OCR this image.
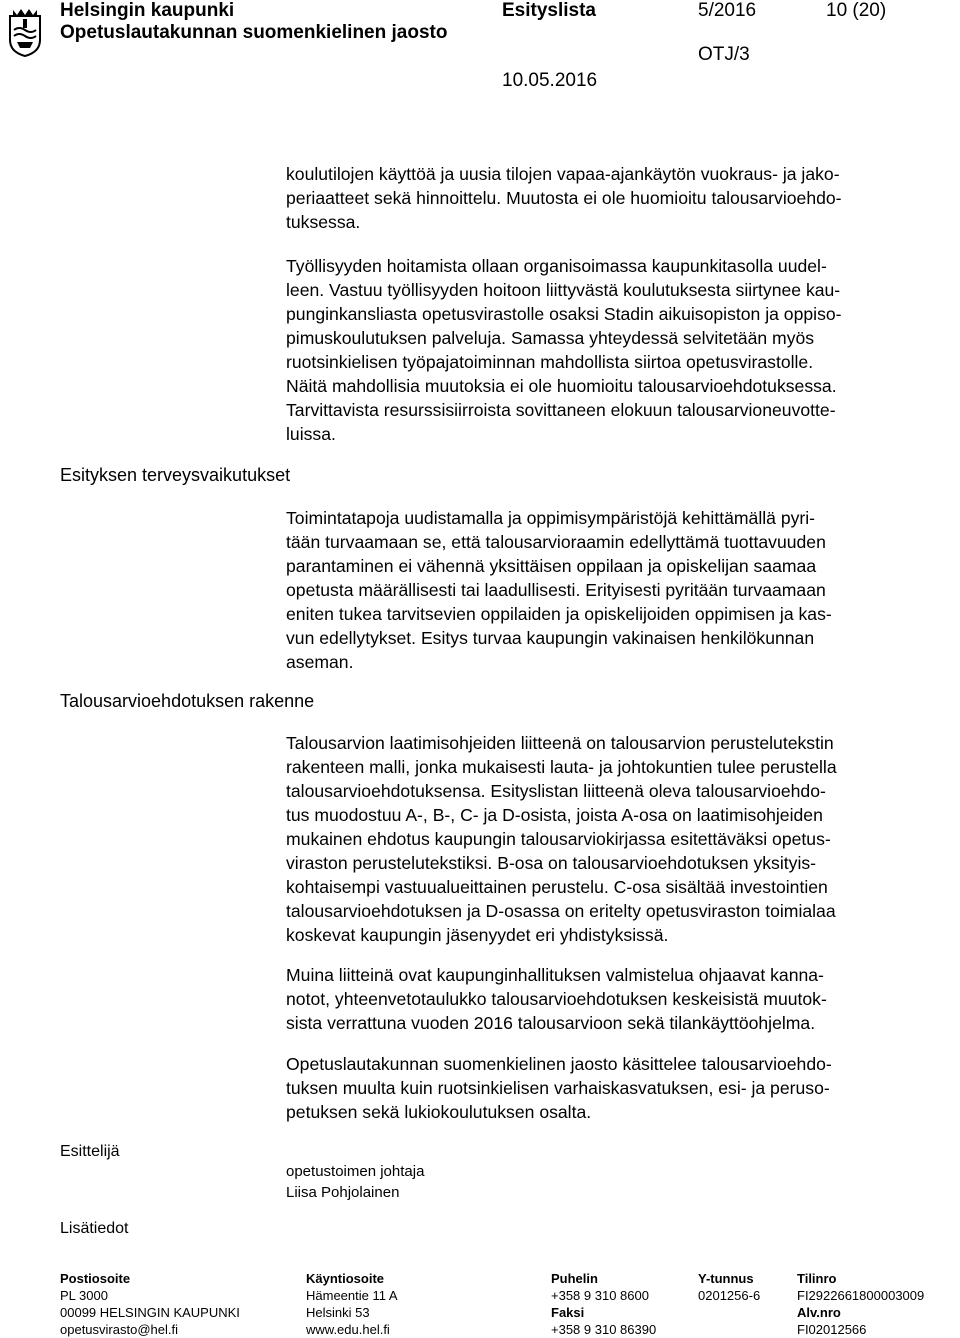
Helsingin kaupunki
Opetuslautakunnan suomenkielinen jaosto
Esityslista	5/2016	10 (20)
OTJ/3
10.05.2016
Esityksen terveysvaikutukset
Talousarvioehdotuksen rakenne
Esittelijä
Lisätiedot

koulutilojen käyttöä ja uusia tilojen vapaa-ajankäytön vuokraus- ja jako-

periaatteet sekä hinnoittelu. Muutosta ei ole huomioitu talousarvioehdo-

tuksessa.

Työllisyyden hoitamista ollaan organisoimassa kaupunkitasolla uudel-

leen. Vastuu työllisyyden hoitoon liittyvästä koulutuksesta siirtynee kau-

punginkansliasta opetusvirastolle osaksi Stadin aikuisopiston ja oppiso-

pimuskoulutuksen palveluja. Samassa yhteydessä selvitetään myös

ruotsinkielisen työpajatoiminnan mahdollista siirtoa opetusvirastolle.

Näitä mahdollisia muutoksia ei ole huomioitu talousarvioehdotuksessa.

Tarvittavista resurssisiirroista sovittaneen elokuun talousarvioneuvotte-

luissa.

Toimintatapoja uudistamalla ja oppimisympäristöjä kehittämällä pyri-

tään turvaamaan se, että talousarvioraamin edellyttämä tuottavuuden

parantaminen ei vähennä yksittäisen oppilaan ja opiskelijan saamaa

opetusta määrällisesti tai laadullisesti. Erityisesti pyritään turvaamaan

eniten tukea tarvitsevien oppilaiden ja opiskelijoiden oppimisen ja kas-

vun edellytykset. Esitys turvaa kaupungin vakinaisen henkilökunnan

aseman.

Talousarvion laatimisohjeiden liitteenä on talousarvion perustelutekstin

rakenteen malli, jonka mukaisesti lauta- ja johtokuntien tulee perustella

talousarvioehdotuksensa. Esityslistan liitteenä oleva talousarvioehdo-

tus muodostuu A-, B-, C- ja D-osista, joista A-osa on laatimisohjeiden

mukainen ehdotus kaupungin talousarviokirjassa esitettäväksi opetus-

viraston perustelutekstiksi. B-osa on talousarvioehdotuksen yksityis-

kohtaisempi vastuualueittainen perustelu. C-osa sisältää investointien

talousarvioehdotuksen ja D-osassa on eritelty opetusviraston toimialaa

koskevat kaupungin jäsenyydet eri yhdistyksissä.

Muina liitteinä ovat kaupunginhallituksen valmistelua ohjaavat kanna-

notot, yhteenvetotaulukko talousarvioehdotuksen keskeisistä muutok-

sista verrattuna vuoden 2016 talousarvioon sekä tilankäyttöohjelma.

Opetuslautakunnan suomenkielinen jaosto käsittelee talousarvioehdo-

tuksen muulta kuin ruotsinkielisen varhaiskasvatuksen, esi- ja peruso-

petuksen sekä lukiokoulutuksen osalta.

opetustoimen johtaja

Liisa Pohjolainen

Postiosoite

PL 3000

00099 HELSINGIN KAUPUNKI

opetusvirasto@hel.fi

Käyntiosoite

Hämeentie 11 A

Helsinki 53

www.edu.hel.fi

Puhelin

+358 9 310 8600

Faksi

+358 9 310 86390

Y-tunnus

0201256-6

Tilinro

FI2922661800003009

Alv.nro

FI02012566
